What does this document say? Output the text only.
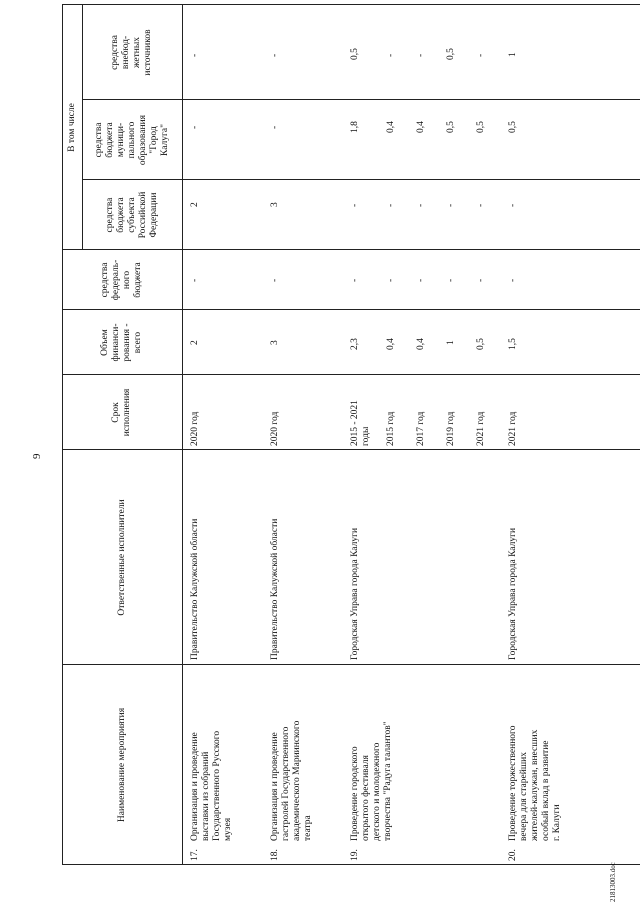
9
Наименование мероприятия
Ответственные исполнители
Срок
исполнения
Объем
финанси-
рования -
всего
средства
федераль-
ного
бюджета
В том числе
средства
бюджета
субъекта
Российской
Федерации
средства
бюджета
муници-
пального
образования
"Город
Калуга"
средства
внебюд-
жетных
источников
17.
Организация и проведение
выставки из собраний
Государственного Русского
музея
Правительство Калужской области
2020 год
2
-
2
-
-
18.
Организация и проведение
гастролей Государственного
академического Мариинского
театра
Правительство Калужской области
2020 год
3
-
3
-
-
19.
Проведение городского
открытого фестиваля
детского и молодежного
творчества "Радуга талантов"
Городская Управа города Калуги
2015 - 2021
годы
2,3
-
-
1,8
0,5
2015 год
0,4
-
-
0,4
-
2017 год
0,4
-
-
0,4
-
2019 год
1
-
-
0,5
0,5
2021 год
0,5
-
-
0,5
-
20.
Проведение торжественного
вечера для старейших
жителей-калужан, внесших
особый вклад в развитие
г. Калуги
Городская Управа города Калуги
2021 год
1,5
-
-
0,5
1
21813003.doc
